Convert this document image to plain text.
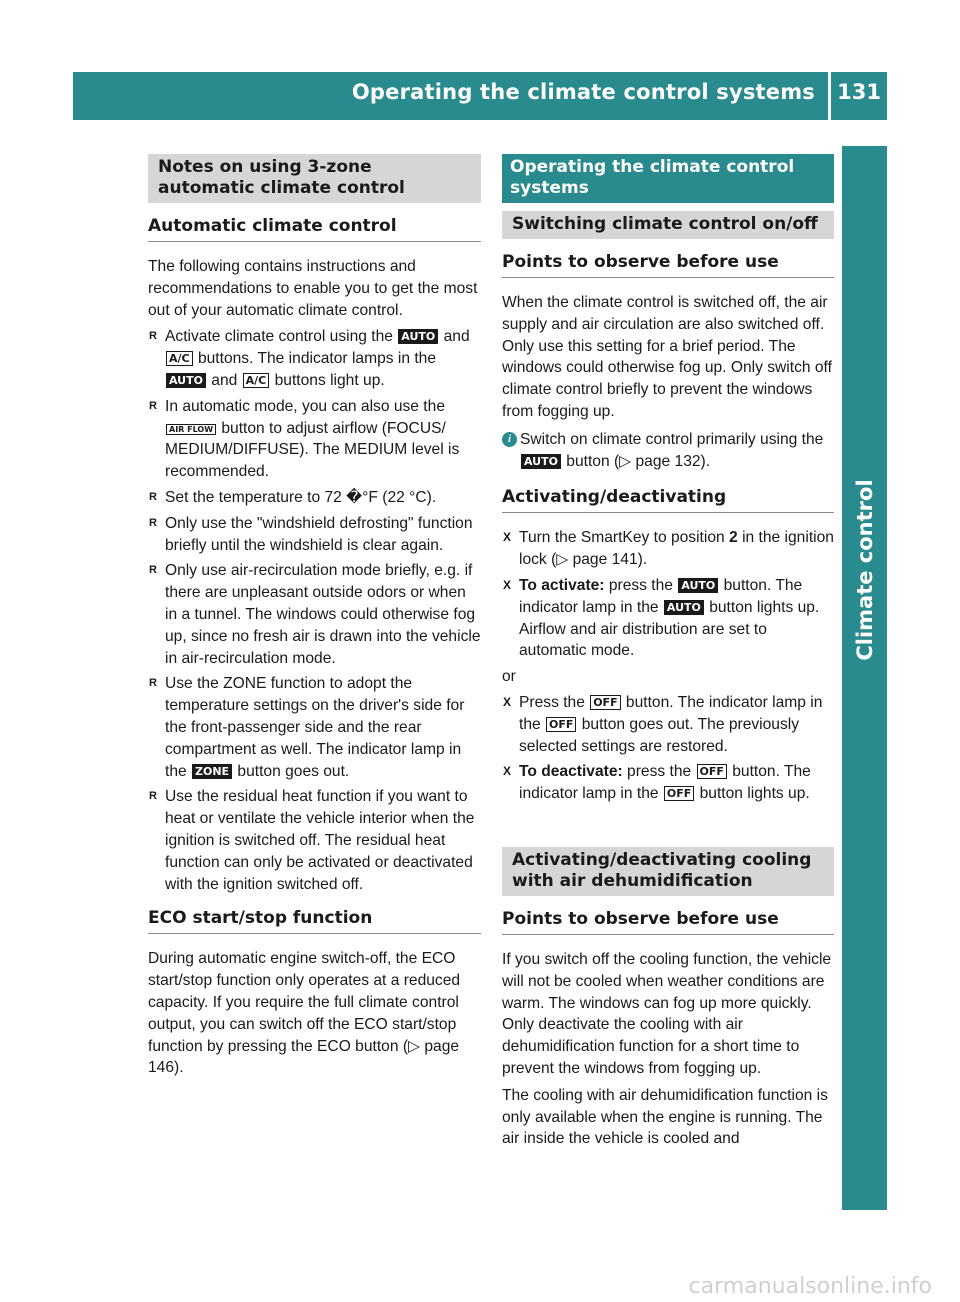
Operating the climate control systems 131
Climate control
Notes on using 3-zone automatic climate control
Automatic climate control

The following contains instructions and recommendations to enable you to get the most out of your automatic climate control.

R Activate climate control using the AUTO and A/C buttons. The indicator lamps in the AUTO and A/C buttons light up.
R In automatic mode, you can also use the AIR FLOW button to adjust airflow (FOCUS/ MEDIUM/DIFFUSE). The MEDIUM level is recommended.
R Set the temperature to 72 �°F (22 °C).
R Only use the "windshield defrosting" function briefly until the windshield is clear again.
R Only use air-recirculation mode briefly, e.g. if there are unpleasant outside odors or when in a tunnel. The windows could otherwise fog up, since no fresh air is drawn into the vehicle in air-recirculation mode.
R Use the ZONE function to adopt the temperature settings on the driver's side for the front-passenger side and the rear compartment as well. The indicator lamp in the ZONE button goes out.
R Use the residual heat function if you want to heat or ventilate the vehicle interior when the ignition is switched off. The residual heat function can only be activated or deactivated with the ignition switched off.
ECO start/stop function

During automatic engine switch-off, the ECO start/stop function only operates at a reduced capacity. If you require the full climate control output, you can switch off the ECO start/stop function by pressing the ECO button (▷ page 146).

Operating the climate control systems
Switching climate control on/off
Points to observe before use

When the climate control is switched off, the air supply and air circulation are also switched off. Only use this setting for a brief period. The windows could otherwise fog up. Only switch off climate control briefly to prevent the windows from fogging up.

i Switch on climate control primarily using the AUTO button (▷ page 132).
Activating/deactivating
X Turn the SmartKey to position 2 in the ignition lock (▷ page 141).
X To activate: press the AUTO button. The indicator lamp in the AUTO button lights up. Airflow and air distribution are set to automatic mode.
or
X Press the OFF button. The indicator lamp in the OFF button goes out. The previously selected settings are restored.
X To deactivate: press the OFF button. The indicator lamp in the OFF button lights up.
Activating/deactivating cooling with air dehumidification
Points to observe before use

If you switch off the cooling function, the vehicle will not be cooled when weather conditions are warm. The windows can fog up more quickly. Only deactivate the cooling with air dehumidification function for a short time to prevent the windows from fogging up.

The cooling with air dehumidification function is only available when the engine is running. The air inside the vehicle is cooled and

carmanualsonline.info
